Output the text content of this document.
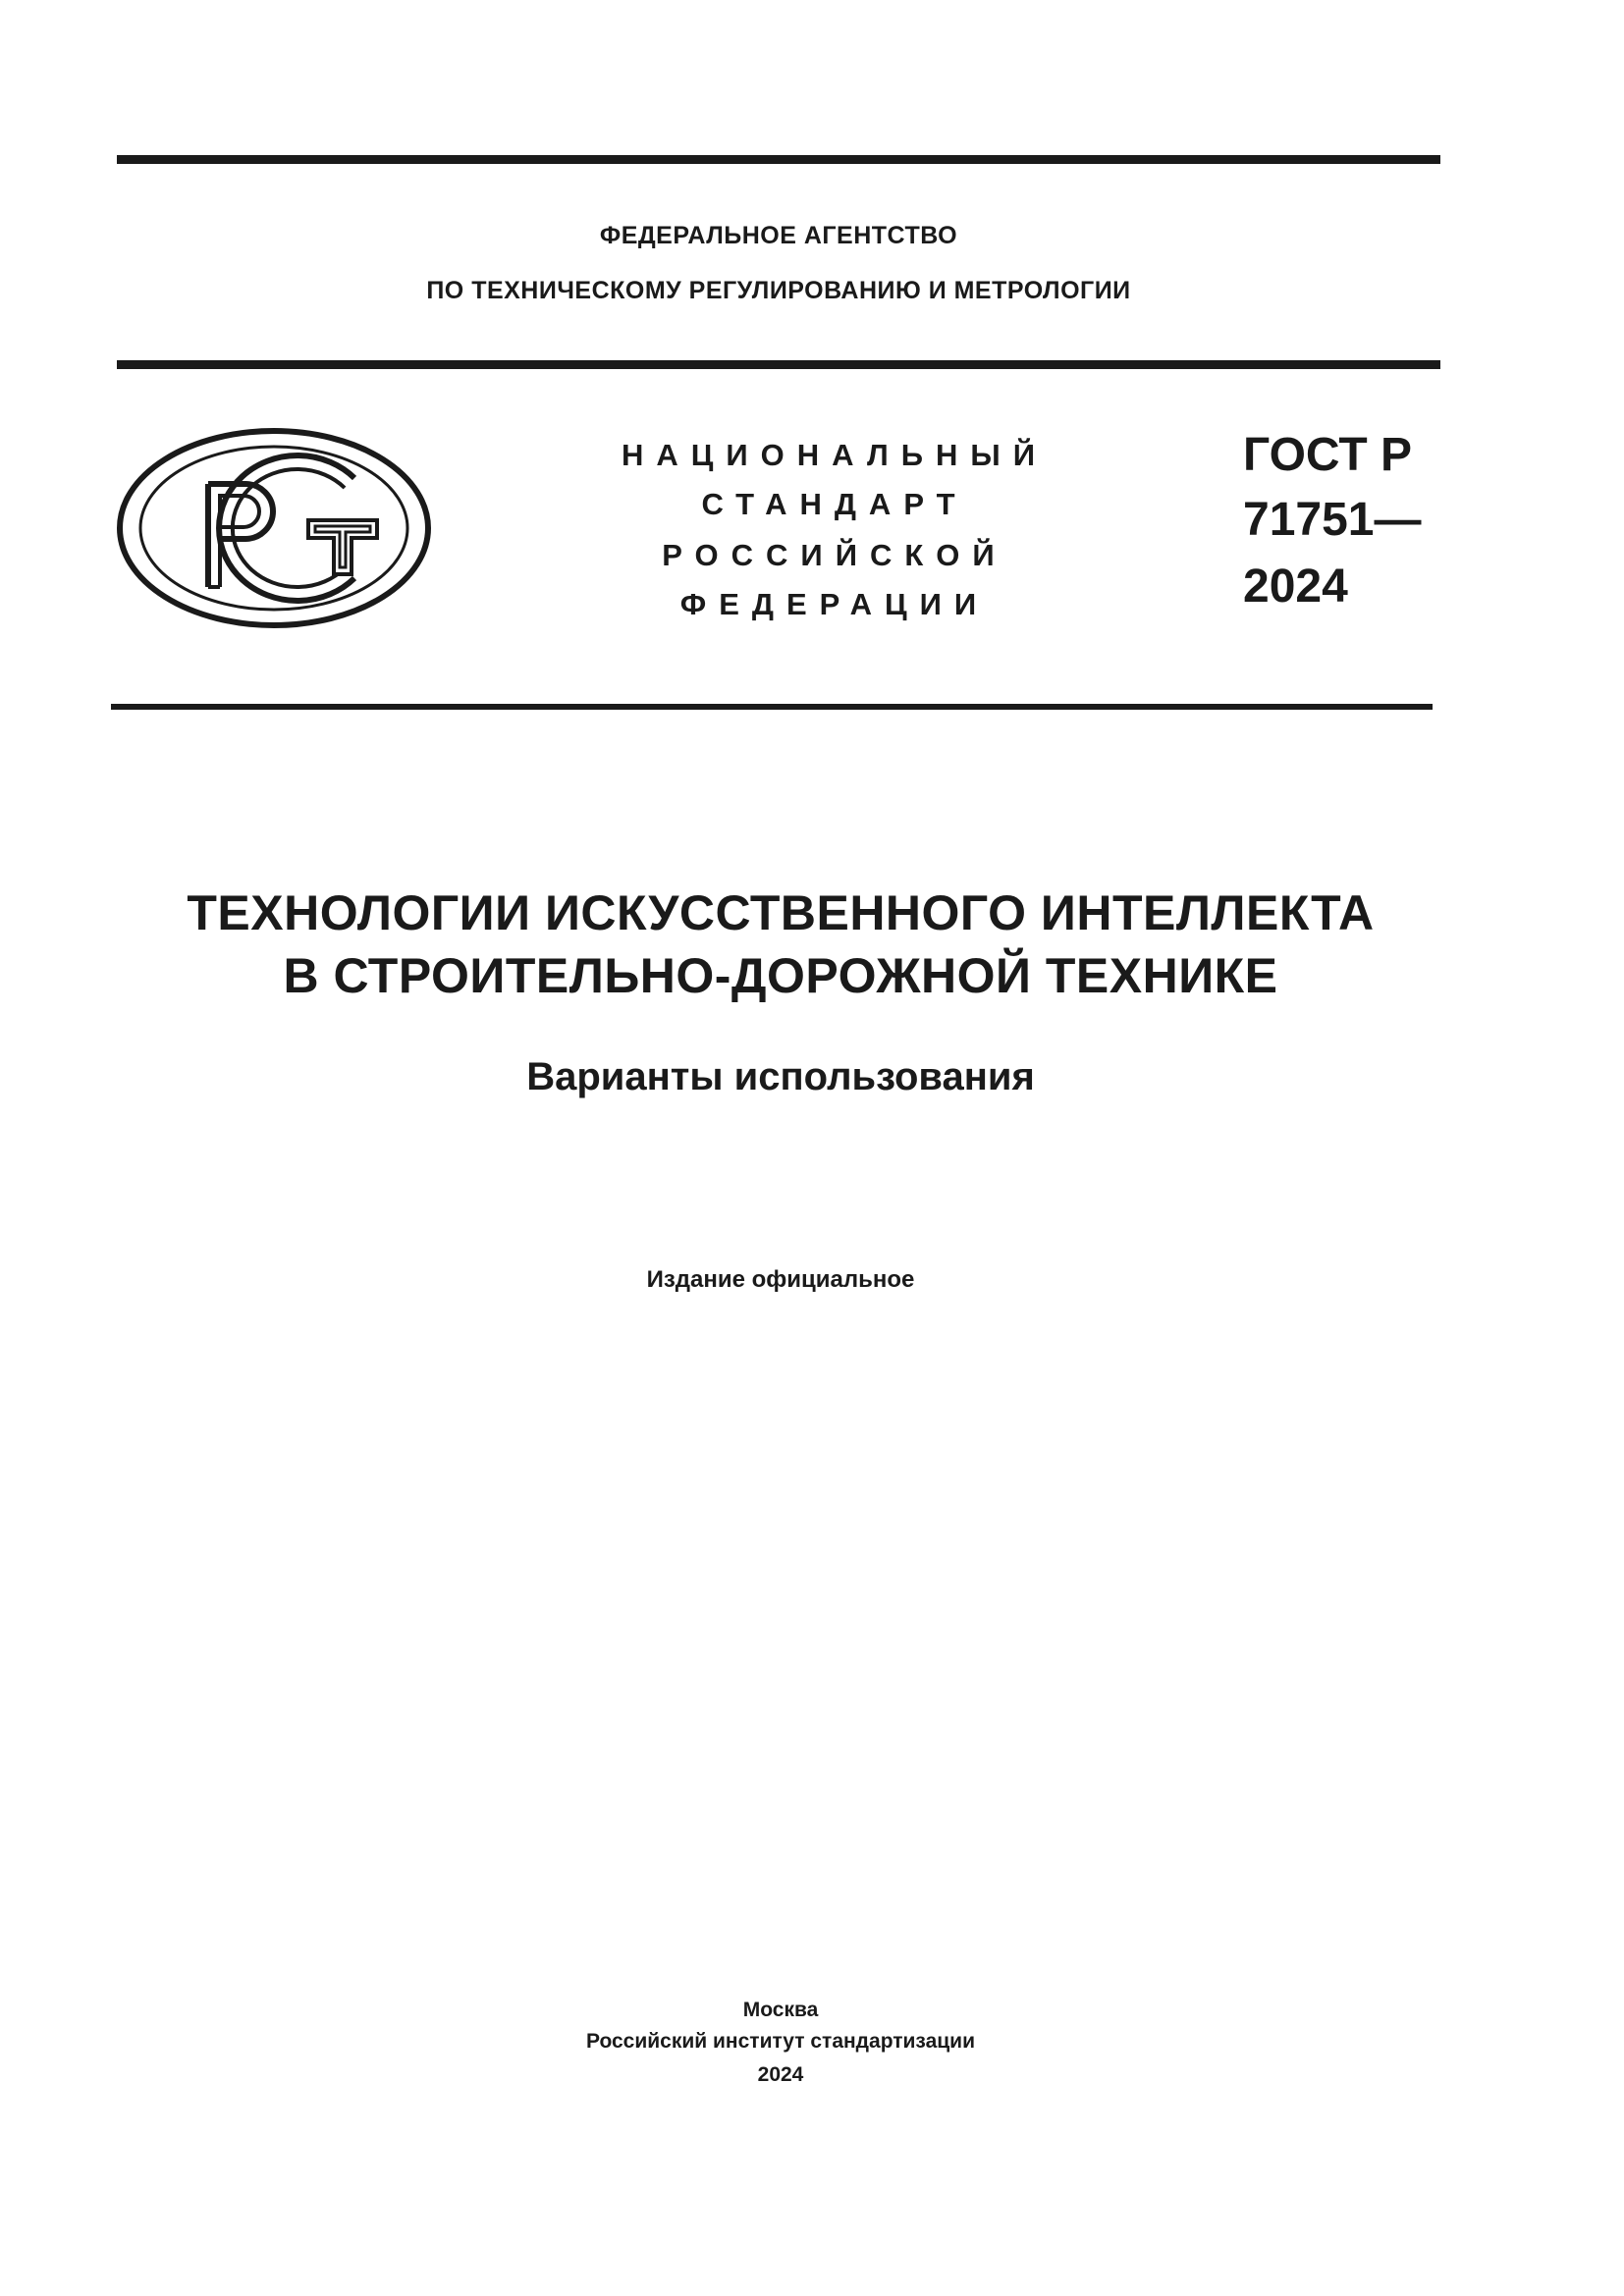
ФЕДЕРАЛЬНОЕ АГЕНТСТВО
ПО ТЕХНИЧЕСКОМУ РЕГУЛИРОВАНИЮ И МЕТРОЛОГИИ
НАЦИОНАЛЬНЫЙ
СТАНДАРТ
РОССИЙСКОЙ
ФЕДЕРАЦИИ
ГОСТ Р
71751—
2024
ТЕХНОЛОГИИ ИСКУССТВЕННОГО ИНТЕЛЛЕКТА
В СТРОИТЕЛЬНО-ДОРОЖНОЙ ТЕХНИКЕ
Варианты использования
Издание официальное
Москва
Российский институт стандартизации
2024
